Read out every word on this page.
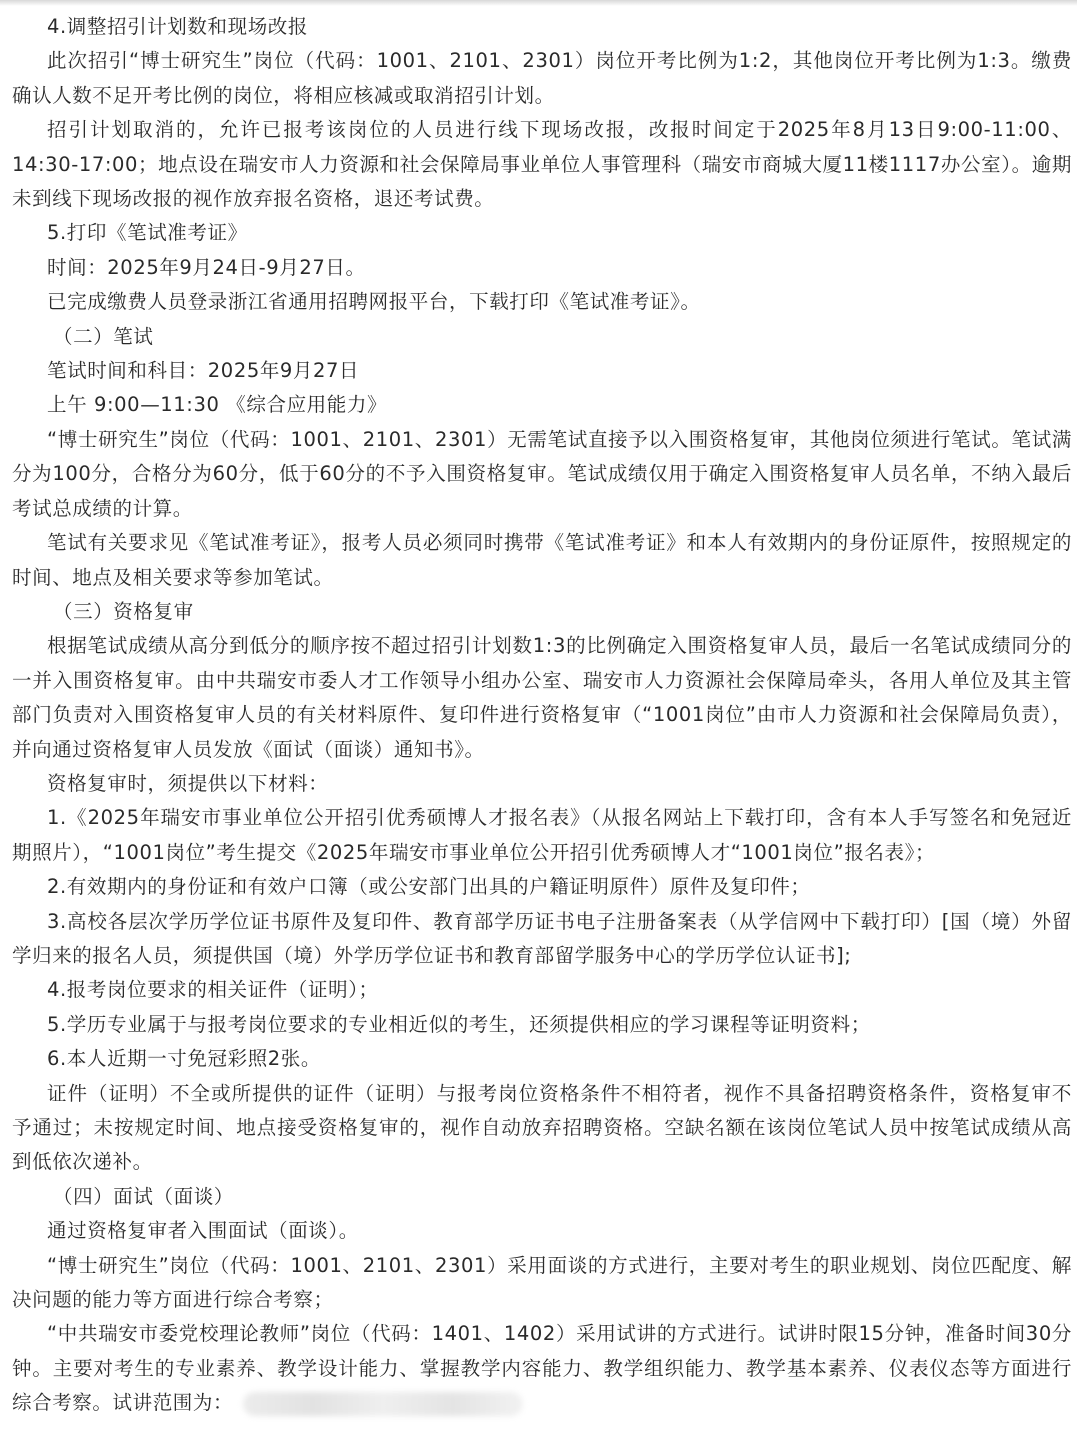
4.调整招引计划数和现场改报

此次招引“博士研究生”岗位（代码：1001、2101、2301）岗位开考比例为1:2，其他岗位开考比例为1:3。缴费确认人数不足开考比例的岗位，将相应核减或取消招引计划。

招引计划取消的，允许已报考该岗位的人员进行线下现场改报，改报时间定于2025年8月13日9:00-11:00、14:30-17:00；地点设在瑞安市人力资源和社会保障局事业单位人事管理科（瑞安市商城大厦11楼1117办公室）。逾期未到线下现场改报的视作放弃报名资格，退还考试费。

5.打印《笔试准考证》

时间：2025年9月24日-9月27日。

已完成缴费人员登录浙江省通用招聘网报平台，下载打印《笔试准考证》。

（二）笔试

笔试时间和科目：2025年9月27日

上午 9:00—11:30 《综合应用能力》

“博士研究生”岗位（代码：1001、2101、2301）无需笔试直接予以入围资格复审，其他岗位须进行笔试。笔试满分为100分，合格分为60分，低于60分的不予入围资格复审。笔试成绩仅用于确定入围资格复审人员名单，不纳入最后考试总成绩的计算。

笔试有关要求见《笔试准考证》，报考人员必须同时携带《笔试准考证》和本人有效期内的身份证原件，按照规定的时间、地点及相关要求等参加笔试。

（三）资格复审

根据笔试成绩从高分到低分的顺序按不超过招引计划数1:3的比例确定入围资格复审人员，最后一名笔试成绩同分的一并入围资格复审。由中共瑞安市委人才工作领导小组办公室、瑞安市人力资源社会保障局牵头，各用人单位及其主管部门负责对入围资格复审人员的有关材料原件、复印件进行资格复审（“1001岗位”由市人力资源和社会保障局负责），并向通过资格复审人员发放《面试（面谈）通知书》。

资格复审时，须提供以下材料：

1.《2025年瑞安市事业单位公开招引优秀硕博人才报名表》（从报名网站上下载打印，含有本人手写签名和免冠近期照片），“1001岗位”考生提交《2025年瑞安市事业单位公开招引优秀硕博人才“1001岗位”报名表》；

2.有效期内的身份证和有效户口簿（或公安部门出具的户籍证明原件）原件及复印件；

3.高校各层次学历学位证书原件及复印件、教育部学历证书电子注册备案表（从学信网中下载打印）[国（境）外留学归来的报名人员，须提供国（境）外学历学位证书和教育部留学服务中心的学历学位认证书];

4.报考岗位要求的相关证件（证明）；

5.学历专业属于与报考岗位要求的专业相近似的考生，还须提供相应的学习课程等证明资料；

6.本人近期一寸免冠彩照2张。

证件（证明）不全或所提供的证件（证明）与报考岗位资格条件不相符者，视作不具备招聘资格条件，资格复审不予通过；未按规定时间、地点接受资格复审的，视作自动放弃招聘资格。空缺名额在该岗位笔试人员中按笔试成绩从高到低依次递补。

（四）面试（面谈）

通过资格复审者入围面试（面谈）。

“博士研究生”岗位（代码：1001、2101、2301）采用面谈的方式进行，主要对考生的职业规划、岗位匹配度、解决问题的能力等方面进行综合考察；

“中共瑞安市委党校理论教师”岗位（代码：1401、1402）采用试讲的方式进行。试讲时限15分钟，准备时间30分钟。主要对考生的专业素养、教学设计能力、掌握教学内容能力、教学组织能力、教学基本素养、仪表仪态等方面进行综合考察。试讲范围为：
